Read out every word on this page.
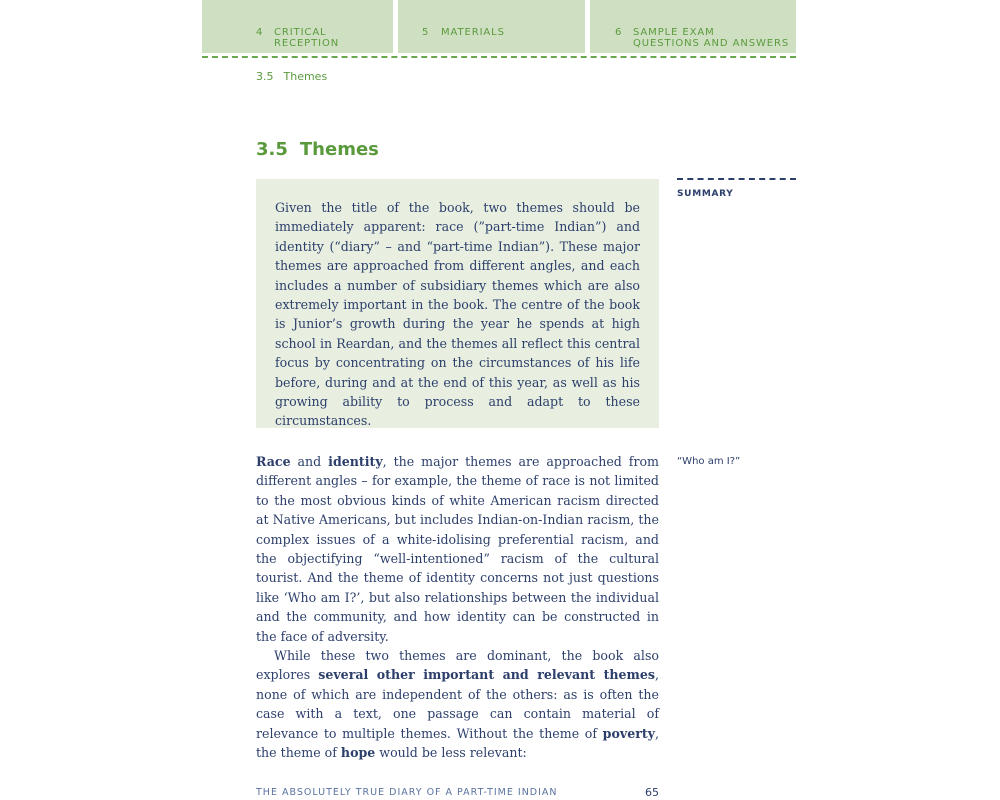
4 CRITICAL
RECEPTION
5 MATERIALS	6 SAMPLE EXAM
QUESTIONS AND ANSWERS
3.5 Themes
3.5 Themes
Given the title of the book, two themes should be immediately apparent: race (”part-time Indian”) and identity (“diary” – and “part-time Indian”). These major themes are approached from different angles, and each includes a number of subsidiary themes which are also extremely important in the book. The centre of the book is Junior’s growth during the year he spends at high school in Reardan, and the themes all reflect this central focus by concentrating on the circumstances of his life before, during and at the end of this year, as well as his growing ability to process and adapt to these circumstances.
SUMMARY
“Who am I?”

Race and identity, the major themes are approached from different angles – for example, the theme of race is not limited to the most obvious kinds of white American racism directed at Native Americans, but includes Indian-on-Indian racism, the complex issues of a white-idolising preferential racism, and the objectifying “well-intentioned” racism of the cultural tourist. And the theme of identity concerns not just questions like ‘Who am I?’, but also relationships between the individual and the community, and how identity can be constructed in the face of adversity.

While these two themes are dominant, the book also explores several other important and relevant themes, none of which are independent of the others: as is often the case with a text, one passage can contain material of relevance to multiple themes. Without the theme of poverty, the theme of hope would be less relevant:

THE ABSOLUTELY TRUE DIARY OF A PART-TIME INDIAN	65
